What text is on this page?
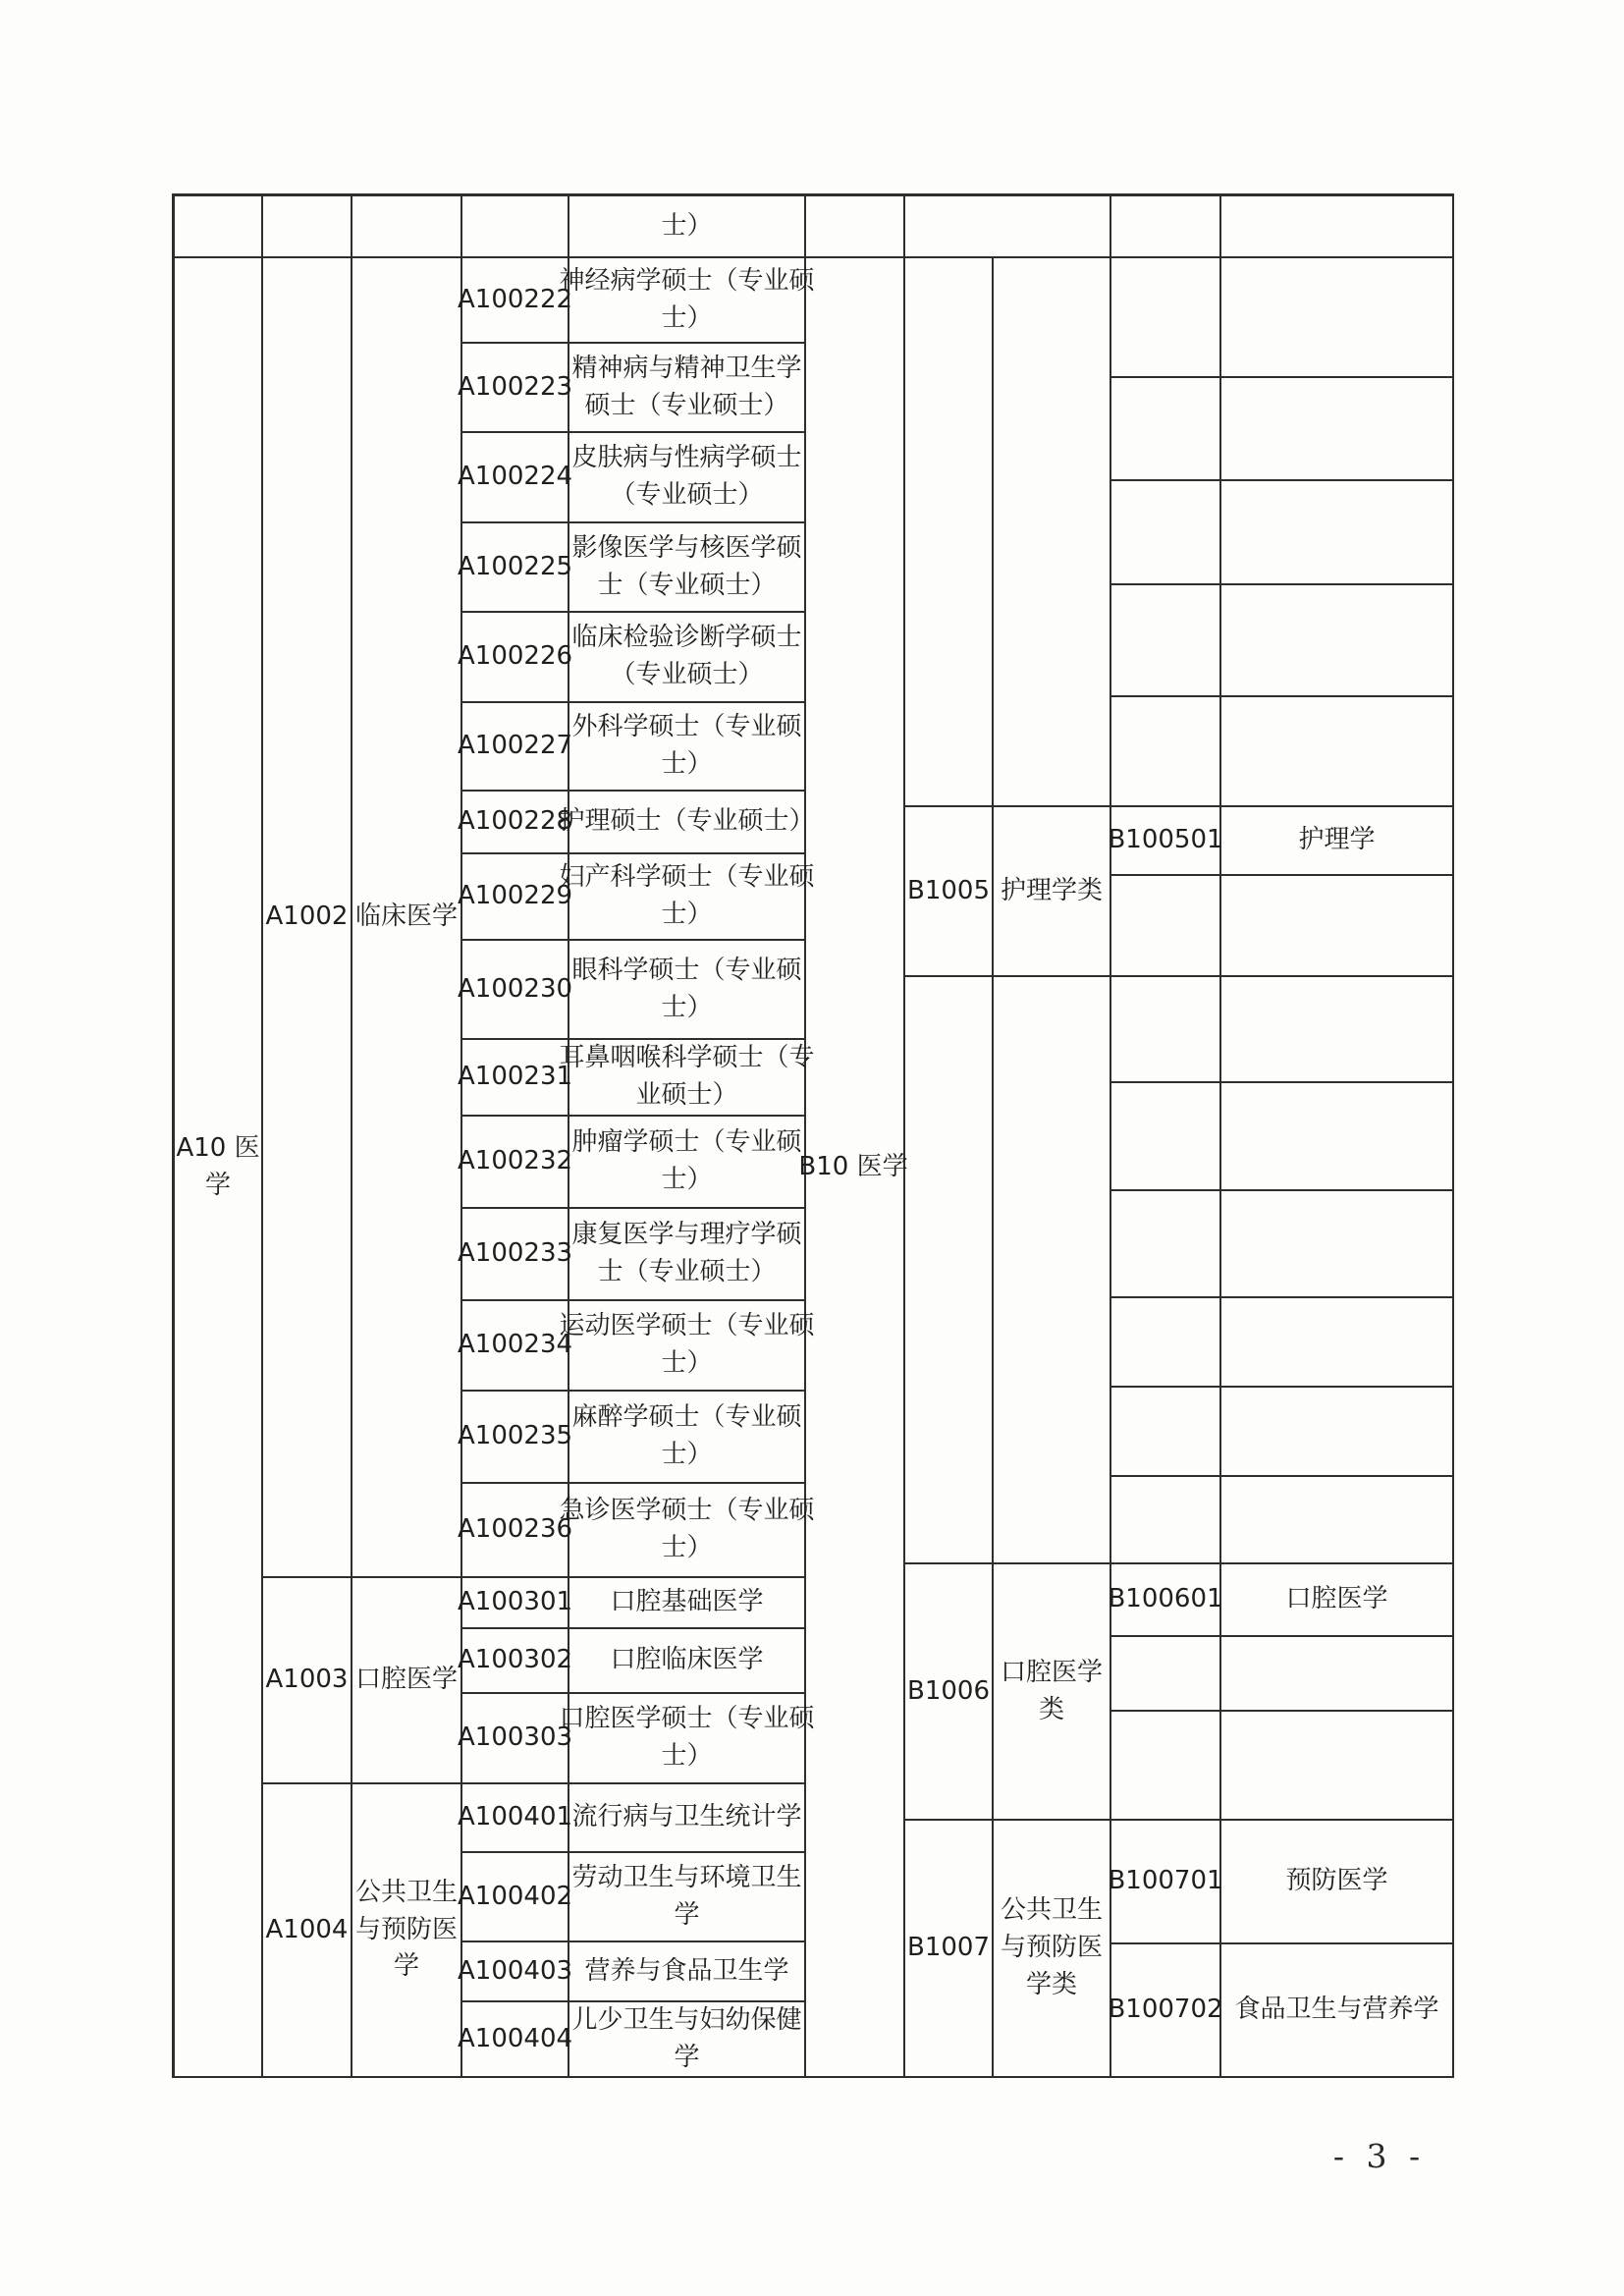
A10 医
学
A1002
A1003
A1004
临床医学
口腔医学
公共卫生
与预防医
学
A100222
A100223
A100224
A100225
A100226
A100227
A100228
A100229
A100230
A100231
A100232
A100233
A100234
A100235
A100236
A100301
A100302
A100303
A100401
A100402
A100403
A100404
士）
神经病学硕士（专业硕
士）
精神病与精神卫生学
硕士（专业硕士）
皮肤病与性病学硕士
（专业硕士）
影像医学与核医学硕
士（专业硕士）
临床检验诊断学硕士
（专业硕士）
外科学硕士（专业硕
士）
护理硕士（专业硕士）
妇产科学硕士（专业硕
士）
眼科学硕士（专业硕
士）
耳鼻咽喉科学硕士（专
业硕士）
肿瘤学硕士（专业硕
士）
康复医学与理疗学硕
士（专业硕士）
运动医学硕士（专业硕
士）
麻醉学硕士（专业硕
士）
急诊医学硕士（专业硕
士）
口腔基础医学
口腔临床医学
口腔医学硕士（专业硕
士）
流行病与卫生统计学
劳动卫生与环境卫生
学
营养与食品卫生学
儿少卫生与妇幼保健
学
B10 医学
B1005
B1006
B1007
护理学类
口腔医学
类
公共卫生
与预防医
学类
B100501
B100601
B100701
B100702
护理学
口腔医学
预防医学
食品卫生与营养学
- 3 -
